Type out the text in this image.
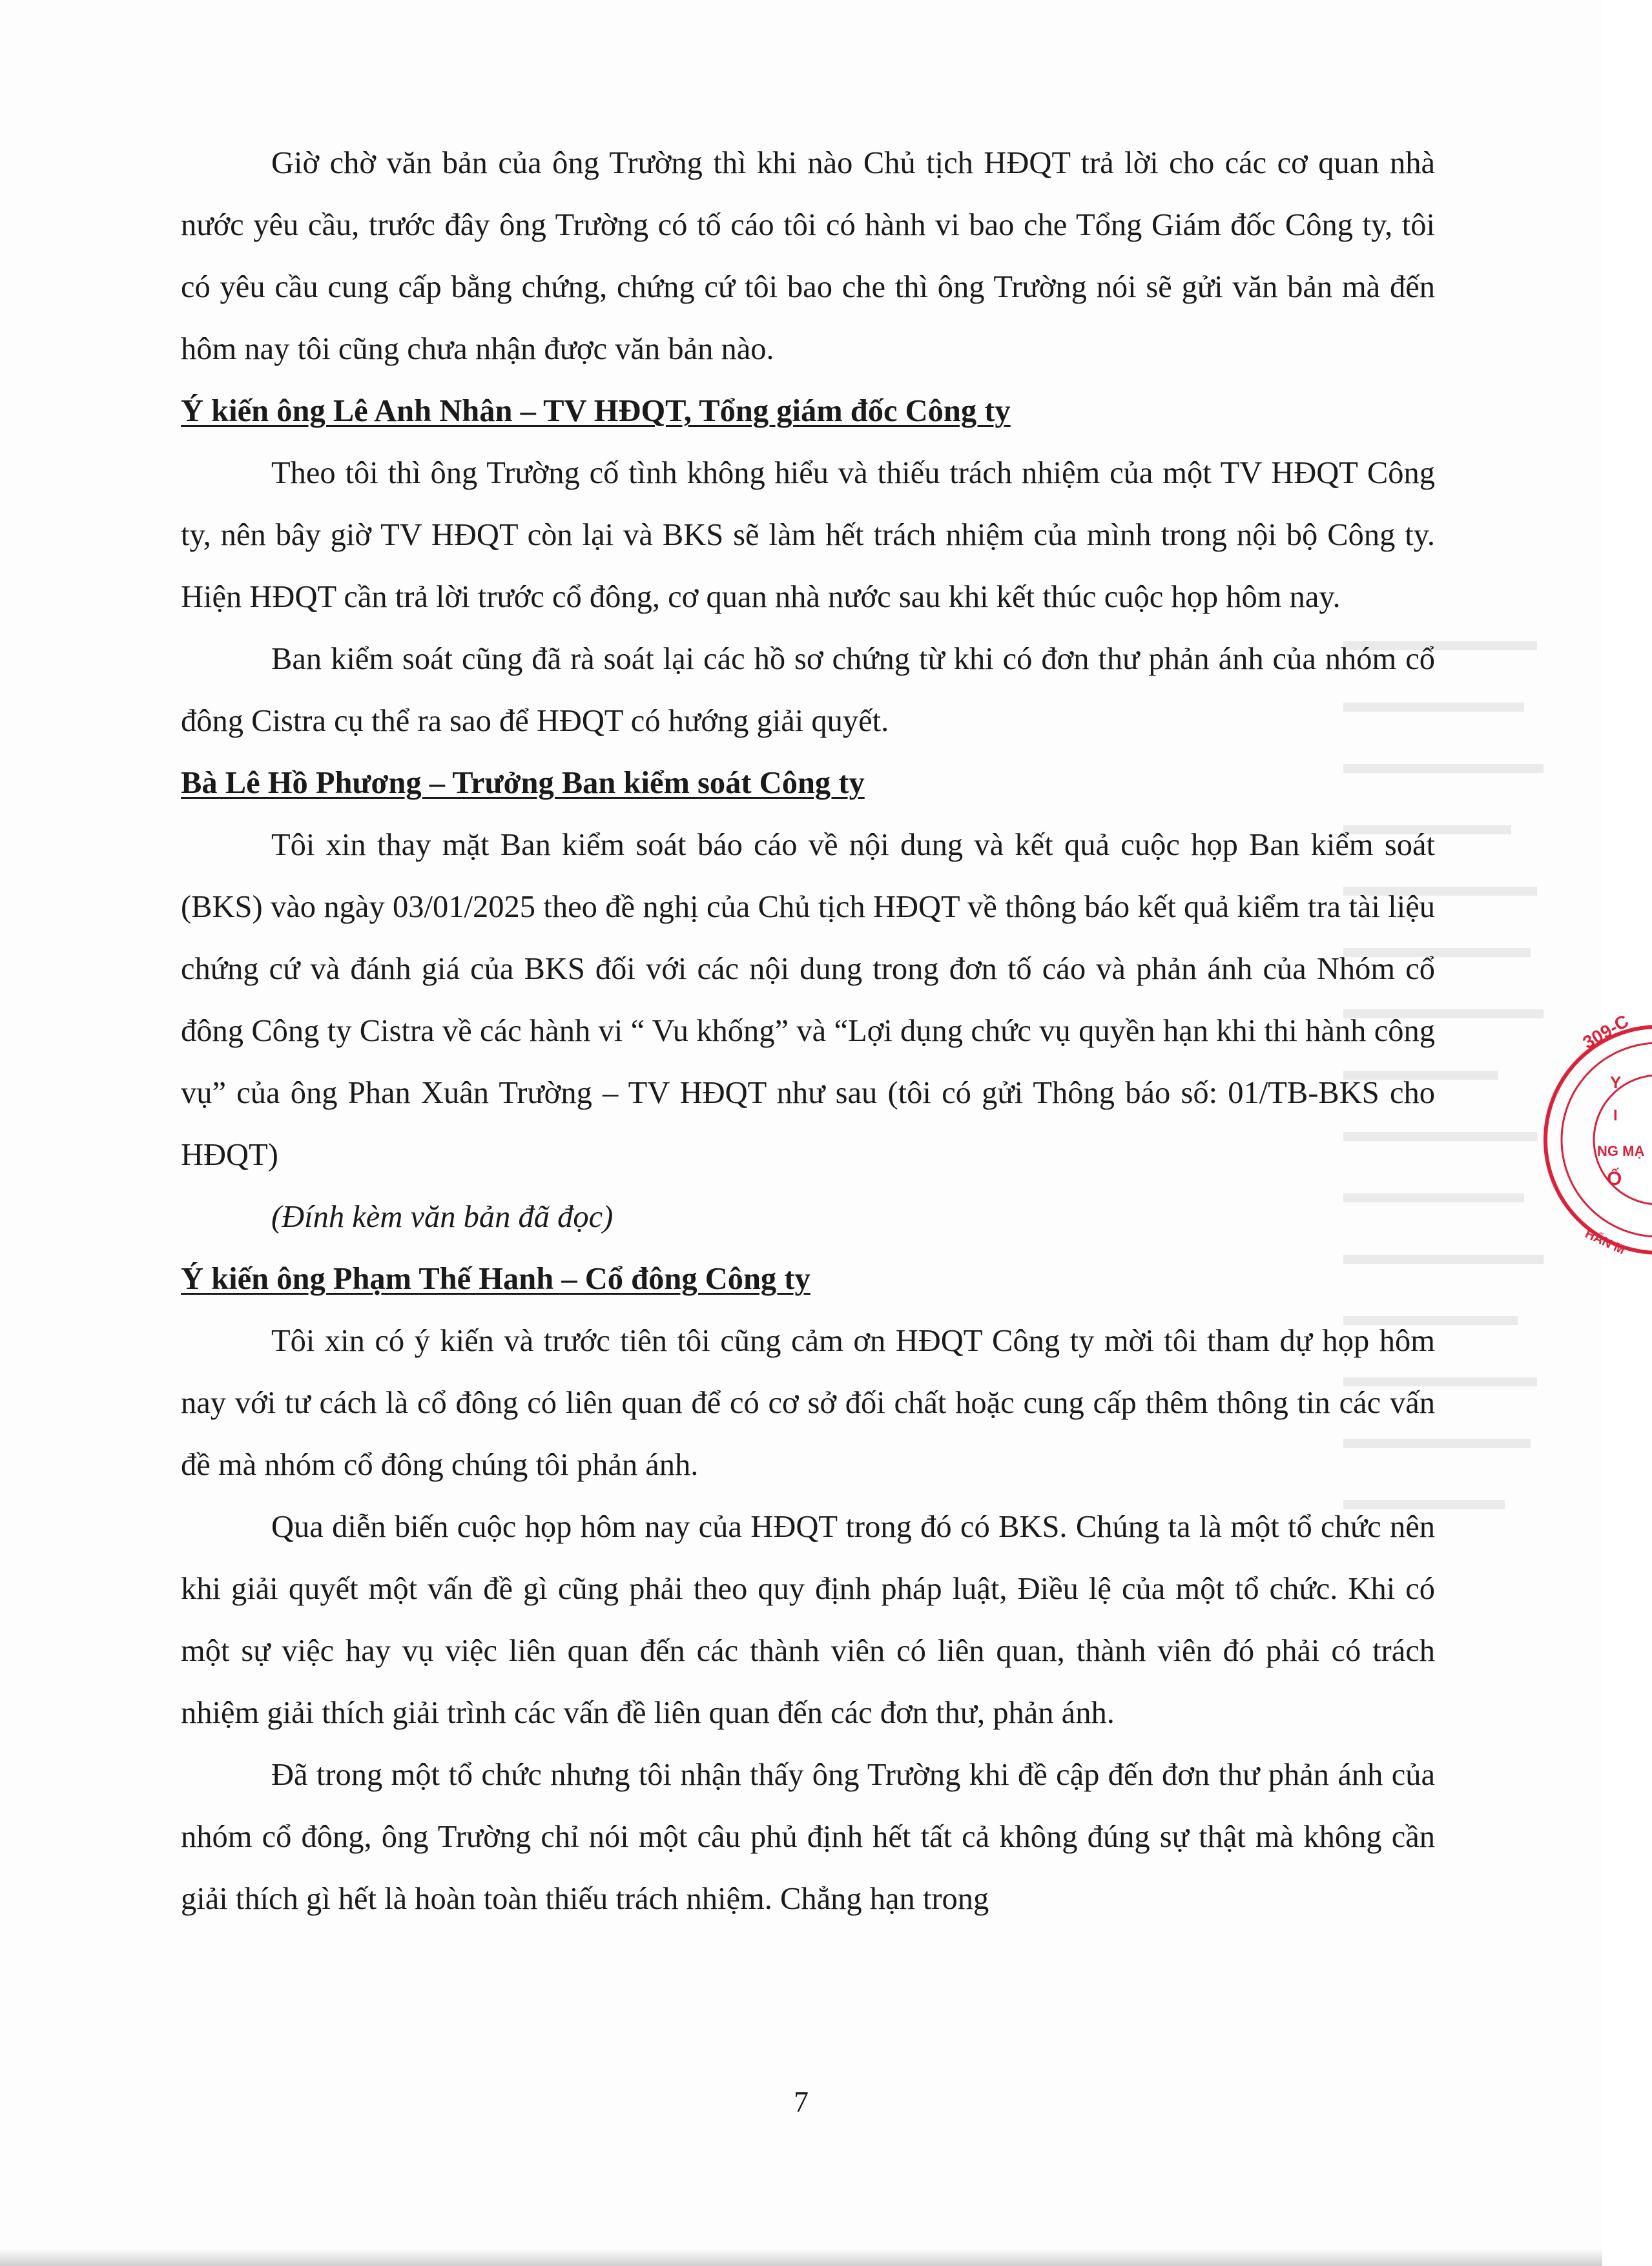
Giờ chờ văn bản của ông Trường thì khi nào Chủ tịch HĐQT trả lời cho các cơ quan nhà nước yêu cầu, trước đây ông Trường có tố cáo tôi có hành vi bao che Tổng Giám đốc Công ty, tôi có yêu cầu cung cấp bằng chứng, chứng cứ tôi bao che thì ông Trường nói sẽ gửi văn bản mà đến hôm nay tôi cũng chưa nhận được văn bản nào.

Ý kiến ông Lê Anh Nhân – TV HĐQT, Tổng giám đốc Công ty

Theo tôi thì ông Trường cố tình không hiểu và thiếu trách nhiệm của một TV HĐQT Công ty, nên bây giờ TV HĐQT còn lại và BKS sẽ làm hết trách nhiệm của mình trong nội bộ Công ty. Hiện HĐQT cần trả lời trước cổ đông, cơ quan nhà nước sau khi kết thúc cuộc họp hôm nay.

Ban kiểm soát cũng đã rà soát lại các hồ sơ chứng từ khi có đơn thư phản ánh của nhóm cổ đông Cistra cụ thể ra sao để HĐQT có hướng giải quyết.

Bà Lê Hồ Phương – Trưởng Ban kiểm soát Công ty

Tôi xin thay mặt Ban kiểm soát báo cáo về nội dung và kết quả cuộc họp Ban kiểm soát (BKS) vào ngày 03/01/2025 theo đề nghị của Chủ tịch HĐQT về thông báo kết quả kiểm tra tài liệu chứng cứ và đánh giá của BKS đối với các nội dung trong đơn tố cáo và phản ánh của Nhóm cổ đông Công ty Cistra về các hành vi “ Vu khống” và “Lợi dụng chức vụ quyền hạn khi thi hành công vụ” của ông Phan Xuân Trường – TV HĐQT như sau (tôi có gửi Thông báo số: 01/TB-BKS cho HĐQT)

(Đính kèm văn bản đã đọc)

Ý kiến ông Phạm Thế Hanh – Cổ đông Công ty

Tôi xin có ý kiến và trước tiên tôi cũng cảm ơn HĐQT Công ty mời tôi tham dự họp hôm nay với tư cách là cổ đông có liên quan để có cơ sở đối chất hoặc cung cấp thêm thông tin các vấn đề mà nhóm cổ đông chúng tôi phản ánh.

Qua diễn biến cuộc họp hôm nay của HĐQT trong đó có BKS. Chúng ta là một tổ chức nên khi giải quyết một vấn đề gì cũng phải theo quy định pháp luật, Điều lệ của một tổ chức. Khi có một sự việc hay vụ việc liên quan đến các thành viên có liên quan, thành viên đó phải có trách nhiệm giải thích giải trình các vấn đề liên quan đến các đơn thư, phản ánh.

Đã trong một tổ chức nhưng tôi nhận thấy ông Trường khi đề cập đến đơn thư phản ánh của nhóm cổ đông, ông Trường chỉ nói một câu phủ định hết tất cả không đúng sự thật mà không cần giải thích gì hết là hoàn toàn thiếu trách nhiệm. Chẳng hạn trong

7
309-C
Y
I
NG MẠ
Ố
HẤN M
